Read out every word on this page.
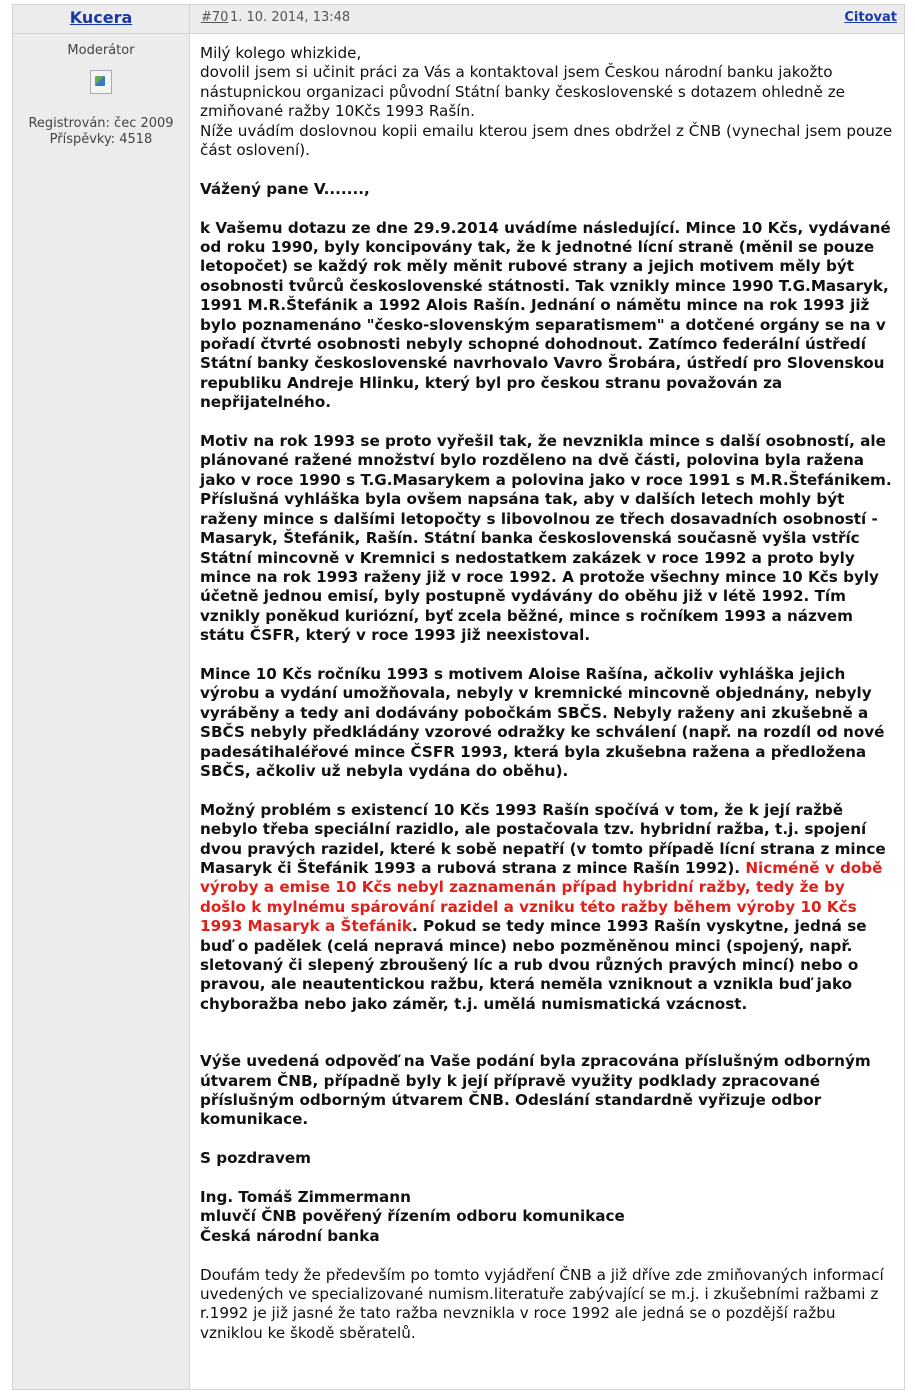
Kucera	#70 1. 10. 2014, 13:48	Citovat
Moderátor
Registrován: čec 2009
Příspěvky: 4518

Milý kolego whizkide,

dovolil jsem si učinit práci za Vás a kontaktoval jsem Českou národní banku jakožto nástupnickou organizaci původní Státní banky československé s dotazem ohledně ze zmiňované ražby 10Kčs 1993 Rašín.

Níže uvádím doslovnou kopii emailu kterou jsem dnes obdržel z ČNB (vynechal jsem pouze část oslovení).

Vážený pane V.......,

k Vašemu dotazu ze dne 29.9.2014 uvádíme následující. Mince 10 Kčs, vydávané od roku 1990, byly koncipovány tak, že k jednotné lícní straně (měnil se pouze letopočet) se každý rok měly měnit rubové strany a jejich motivem měly být osobnosti tvůrců československé státnosti. Tak vznikly mince 1990 T.G.Masaryk, 1991 M.R.Štefánik a 1992 Alois Rašín. Jednání o námětu mince na rok 1993 již bylo poznamenáno "česko-slovenským separatismem" a dotčené orgány se na v pořadí čtvrté osobnosti nebyly schopné dohodnout. Zatímco federální ústředí Státní banky československé navrhovalo Vavro Šrobára, ústředí pro Slovenskou republiku Andreje Hlinku, který byl pro českou stranu považován za nepřijatelného.

Motiv na rok 1993 se proto vyřešil tak, že nevznikla mince s další osobností, ale plánované ražené množství bylo rozděleno na dvě části, polovina byla ražena jako v roce 1990 s T.G.Masarykem a polovina jako v roce 1991 s M.R.Štefánikem. Příslušná vyhláška byla ovšem napsána tak, aby v dalších letech mohly být raženy mince s dalšími letopočty s libovolnou ze třech dosavadních osobností - Masaryk, Štefánik, Rašín. Státní banka československá současně vyšla vstříc Státní mincovně v Kremnici s nedostatkem zakázek v roce 1992 a proto byly mince na rok 1993 raženy již v roce 1992. A protože všechny mince 10 Kčs byly účetně jednou emisí, byly postupně vydávány do oběhu již v létě 1992. Tím vznikly poněkud kuriózní, byť zcela běžné, mince s ročníkem 1993 a názvem státu ČSFR, který v roce 1993 již neexistoval.

Mince 10 Kčs ročníku 1993 s motivem Aloise Rašína, ačkoliv vyhláška jejich výrobu a vydání umožňovala, nebyly v kremnické mincovně objednány, nebyly vyráběny a tedy ani dodávány pobočkám SBČS. Nebyly raženy ani zkušebně a SBČS nebyly předkládány vzorové odražky ke schválení (např. na rozdíl od nové padesátihaléřové mince ČSFR 1993, která byla zkušebna ražena a předložena SBČS, ačkoliv už nebyla vydána do oběhu).

Možný problém s existencí 10 Kčs 1993 Rašín spočívá v tom, že k její ražbě nebylo třeba speciální razidlo, ale postačovala tzv. hybridní ražba, t.j. spojení dvou pravých razidel, které k sobě nepatří (v tomto případě lícní strana z mince Masaryk či Štefánik 1993 a rubová strana z mince Rašín 1992). Nicméně v době výroby a emise 10 Kčs nebyl zaznamenán případ hybridní ražby, tedy že by došlo k mylnému spárování razidel a vzniku této ražby během výroby 10 Kčs 1993 Masaryk a Štefánik. Pokud se tedy mince 1993 Rašín vyskytne, jedná se buď o padělek (celá nepravá mince) nebo pozměněnou minci (spojený, např. sletovaný či slepený zbroušený líc a rub dvou různých pravých mincí) nebo o pravou, ale neautentickou ražbu, která neměla vzniknout a vznikla buď jako chyboražba nebo jako záměr, t.j. umělá numismatická vzácnost.

Výše uvedená odpověď na Vaše podání byla zpracována příslušným odborným útvarem ČNB, případně byly k její přípravě využity podklady zpracované příslušným odborným útvarem ČNB. Odeslání standardně vyřizuje odbor komunikace.

S pozdravem

Ing. Tomáš Zimmermann

mluvčí ČNB pověřený řízením odboru komunikace

Česká národní banka

Doufám tedy že především po tomto vyjádření ČNB a již dříve zde zmiňovaných informací uvedených ve specializované numism.literatuře zabývající se m.j. i zkušebními ražbami z r.1992 je již jasné že tato ražba nevznikla v roce 1992 ale jedná se o pozdější ražbu vzniklou ke škodě sběratelů.
